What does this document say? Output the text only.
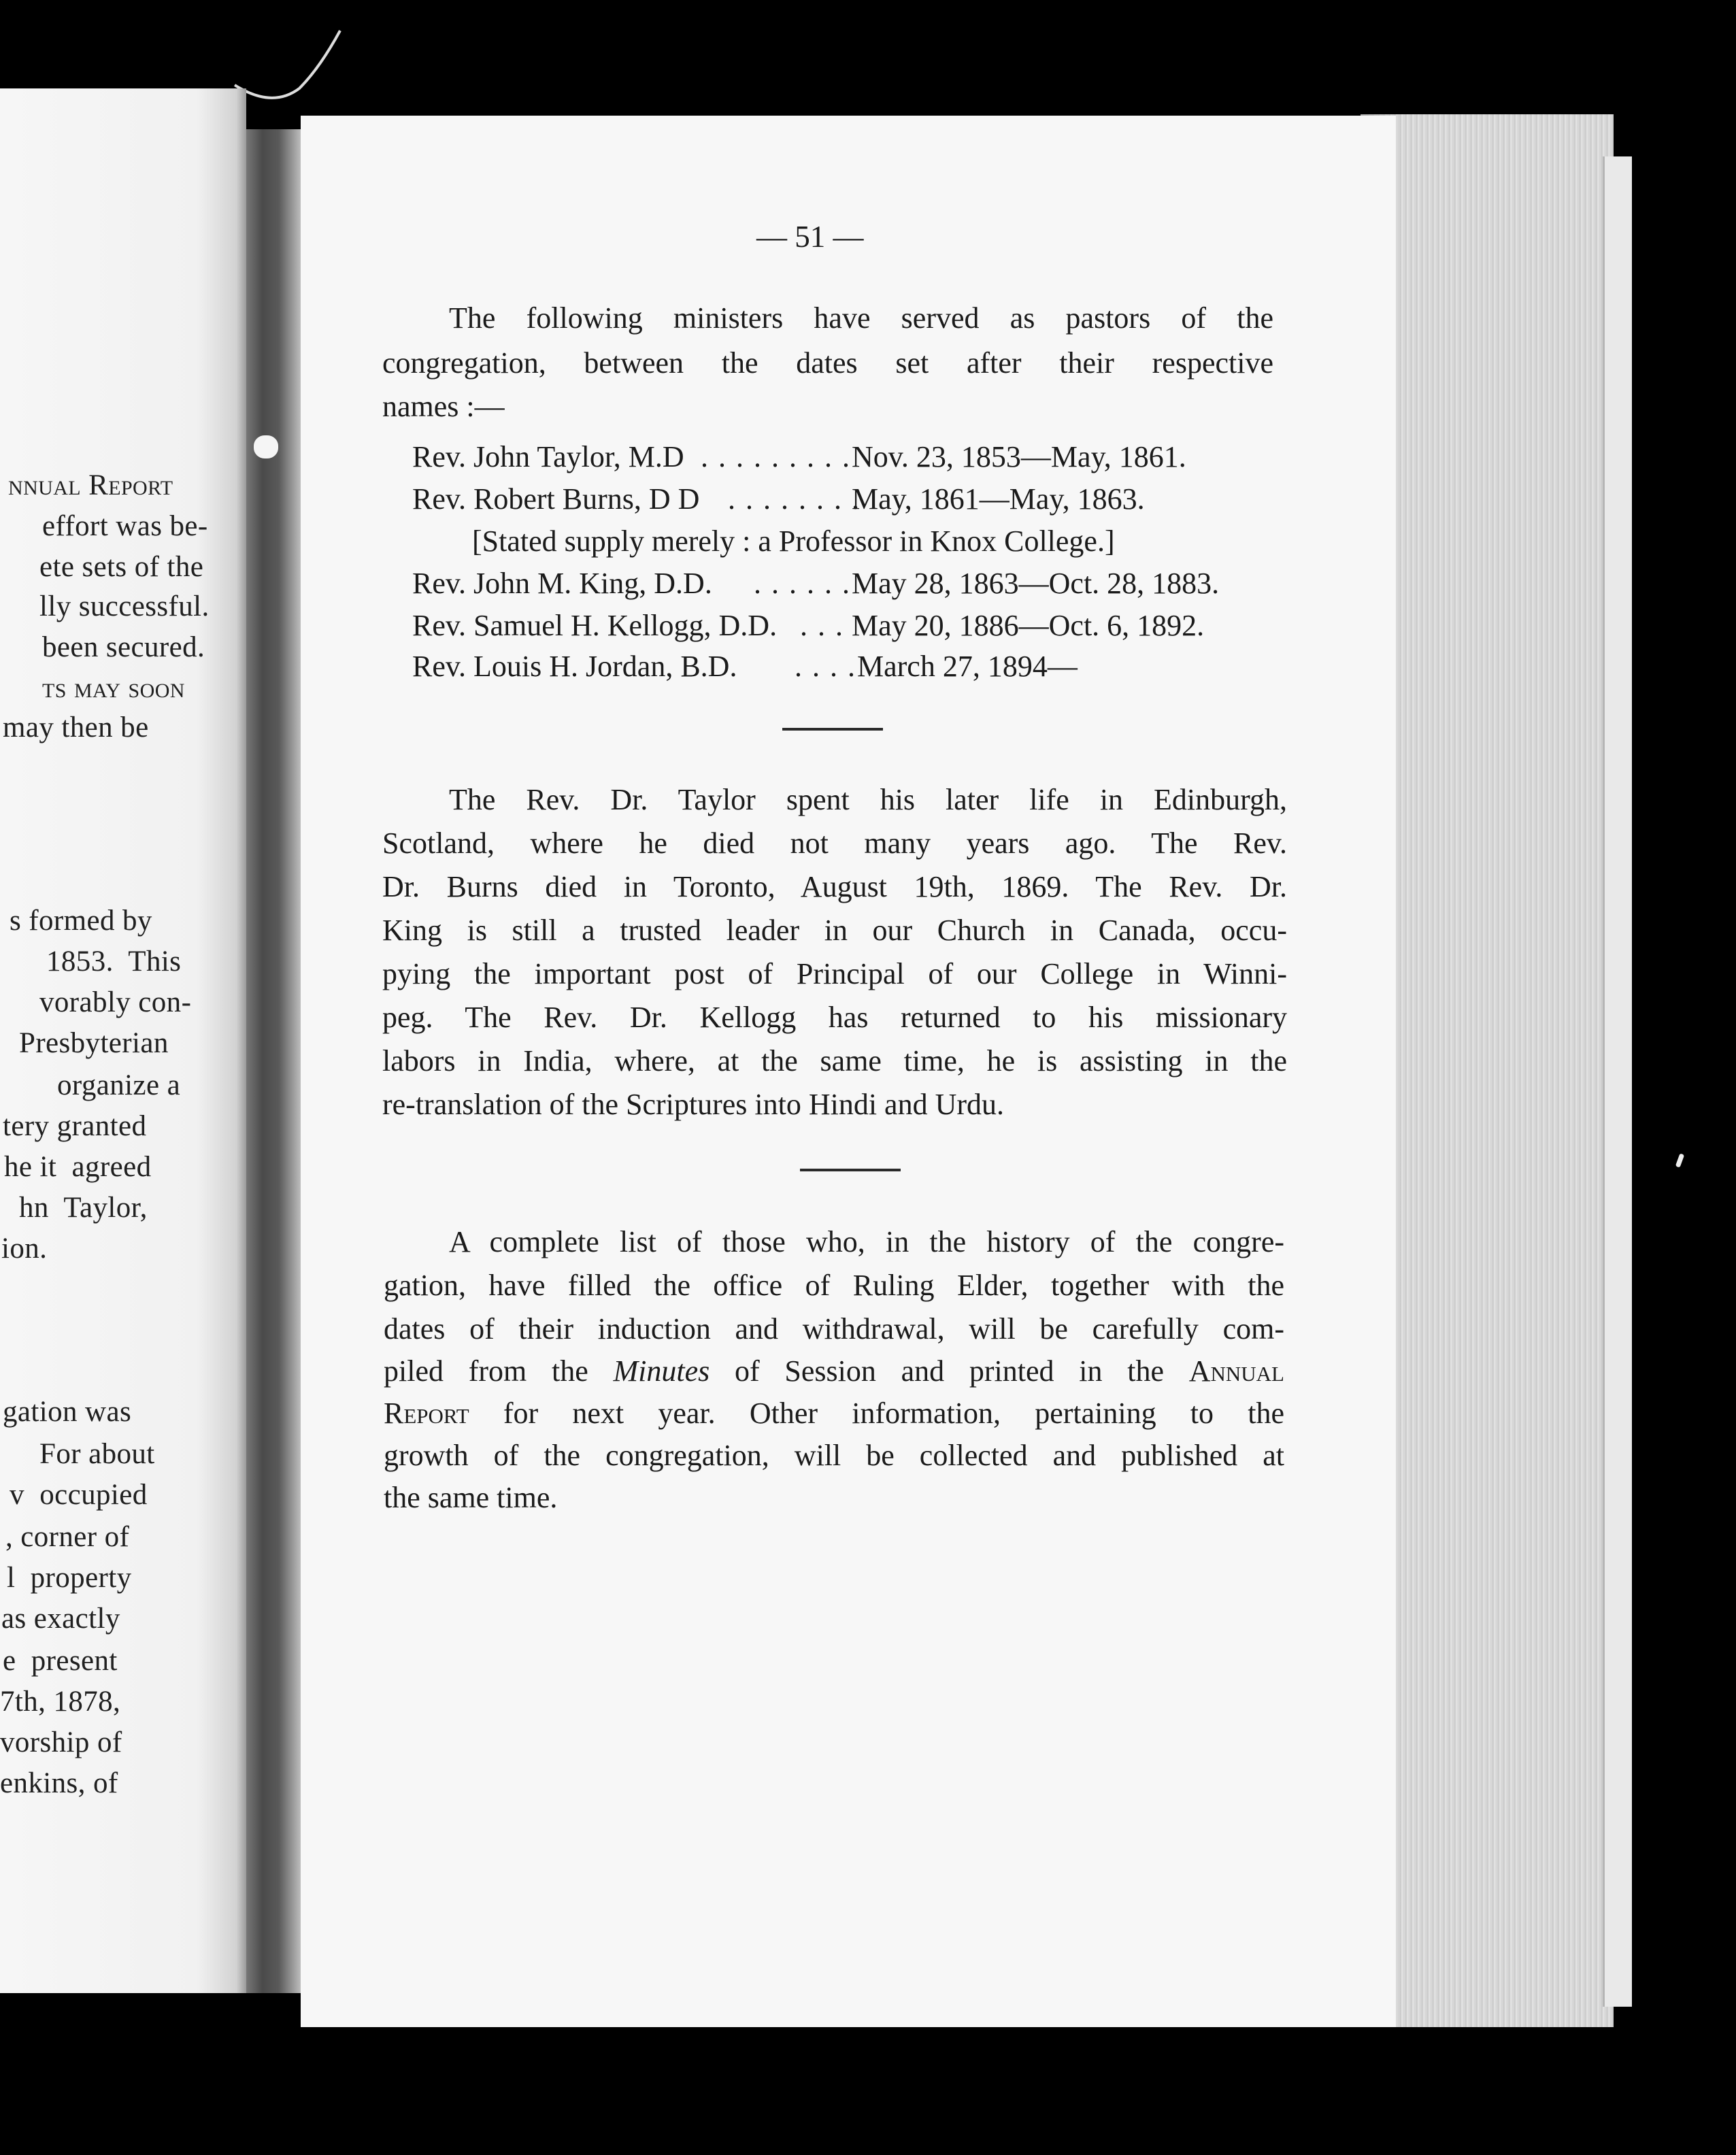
nnual Report
effort was be-
ete sets of the
lly successful.
been secured.
ts may soon
may then be
s formed by
1853.  This
vorably con-
Presbyterian
organize a
tery granted
he it  agreed
hn  Taylor,
ion.
gation was
For about
v  occupied
, corner of
l  property
as exactly
e  present
7th, 1878,
vorship of
enkins, of
— 51 —
The following ministers have served as pastors of the
congregation, between the dates set after their respective
names :—
Rev. John Taylor, M.D . . . . . . . . . Nov. 23, 1853—May, 1861.
Rev. Robert Burns, D D . . . . . . . .
May, 1861—May, 1863.
[Stated supply merely : a Professor in Knox College.]
Rev. John M. King, D.D. . . . . . . May 28, 1863—Oct. 28, 1883.
Rev. Samuel H. Kellogg, D.D. . . . May 20, 1886—Oct. 6, 1892.
Rev. Louis H. Jordan, B.D. . . . . March 27, 1894—
The Rev. Dr. Taylor spent his later life in Edinburgh,
Scotland, where he died not many years ago. The Rev.
Dr. Burns died in Toronto, August 19th, 1869. The Rev. Dr.
King is still a trusted leader in our Church in Canada, occu-
pying the important post of Principal of our College in Winni-
peg. The Rev. Dr. Kellogg has returned to his missionary
labors in India, where, at the same time, he is assisting in the
re-translation of the Scriptures into Hindi and Urdu.
A complete list of those who, in the history of the congre-
gation, have filled the office of Ruling Elder, together with the
dates of their induction and withdrawal, will be carefully com-
piled from the Minutes of Session and printed in the Annual
Report for next year. Other information, pertaining to the
growth of the congregation, will be collected and published at
the same time.
